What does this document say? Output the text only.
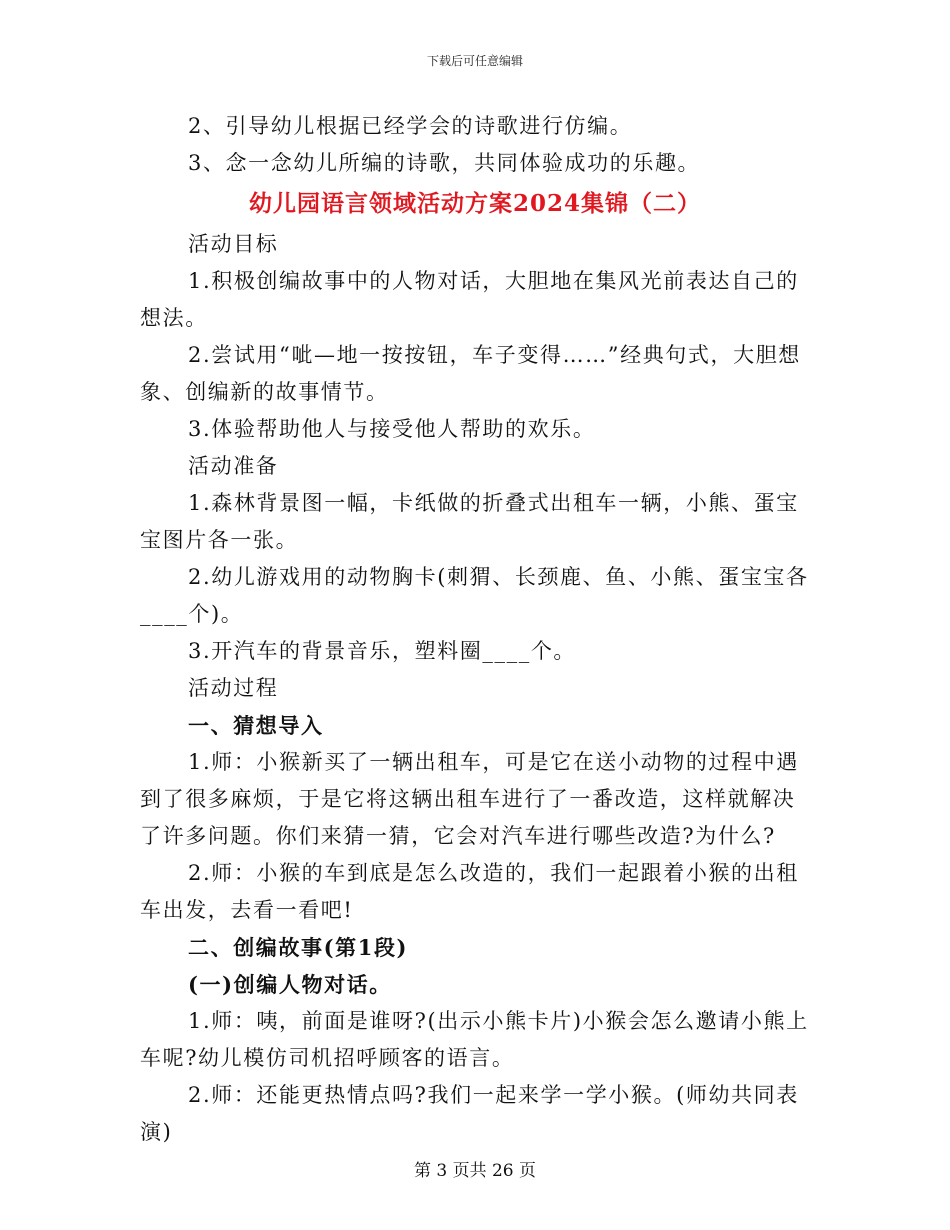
下载后可任意编辑

2、引导幼儿根据已经学会的诗歌进行仿编。

3、念一念幼儿所编的诗歌，共同体验成功的乐趣。

幼儿园语言领域活动方案2024集锦（二）

活动目标

1.积极创编故事中的人物对话，大胆地在集风光前表达自己的想法。

2.尝试用“呲—地一按按钮，车子变得……”经典句式，大胆想象、创编新的故事情节。

3.体验帮助他人与接受他人帮助的欢乐。

活动准备

1.森林背景图一幅，卡纸做的折叠式出租车一辆，小熊、蛋宝宝图片各一张。

2.幼儿游戏用的动物胸卡(刺猬、长颈鹿、鱼、小熊、蛋宝宝各____个)。

3.开汽车的背景音乐，塑料圈____个。

活动过程

一、猜想导入

1.师：小猴新买了一辆出租车，可是它在送小动物的过程中遇到了很多麻烦，于是它将这辆出租车进行了一番改造，这样就解决了许多问题。你们来猜一猜，它会对汽车进行哪些改造?为什么?

2.师：小猴的车到底是怎么改造的，我们一起跟着小猴的出租车出发，去看一看吧!

二、创编故事(第1段)

(一)创编人物对话。

1.师：咦，前面是谁呀?(出示小熊卡片)小猴会怎么邀请小熊上车呢?幼儿模仿司机招呼顾客的语言。

2.师：还能更热情点吗?我们一起来学一学小猴。(师幼共同表演)

第 3 页共 26 页
